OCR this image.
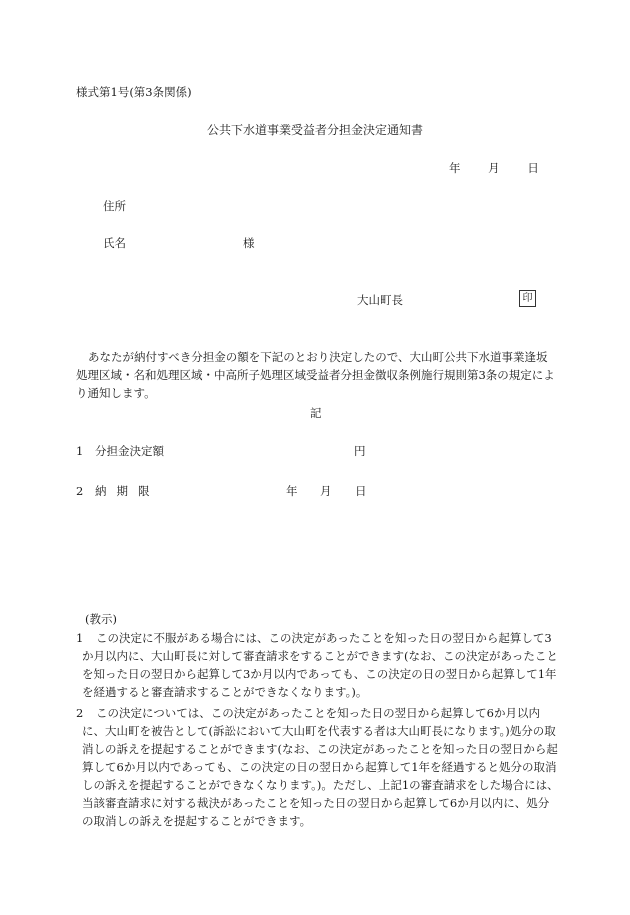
様式第1号(第3条関係)
公共下水道事業受益者分担金決定通知書
年 月 日
住所
氏名	様
大山町長	印
あなたが納付すべき分担金の額を下記のとおり決定したので、大山町公共下水道事業逢坂処理区域・名和処理区域・中高所子処理区域受益者分担金徴収条例施行規則第3条の規定により通知します。
記
1 分担金決定額	円
2 納期限	年 月 日
(教示)
1	この決定に不服がある場合には、この決定があったことを知った日の翌日から起算して3か月以内に、大山町長に対して審査請求をすることができます(なお、この決定があったことを知った日の翌日から起算して3か月以内であっても、この決定の日の翌日から起算して1年を経過すると審査請求することができなくなります。)。
2	この決定については、この決定があったことを知った日の翌日から起算して6か月以内に、大山町を被告として(訴訟において大山町を代表する者は大山町長になります。)処分の取消しの訴えを提起することができます(なお、この決定があったことを知った日の翌日から起算して6か月以内であっても、この決定の日の翌日から起算して1年を経過すると処分の取消しの訴えを提起することができなくなります。)。ただし、上記1の審査請求をした場合には、当該審査請求に対する裁決があったことを知った日の翌日から起算して6か月以内に、処分の取消しの訴えを提起することができます。
